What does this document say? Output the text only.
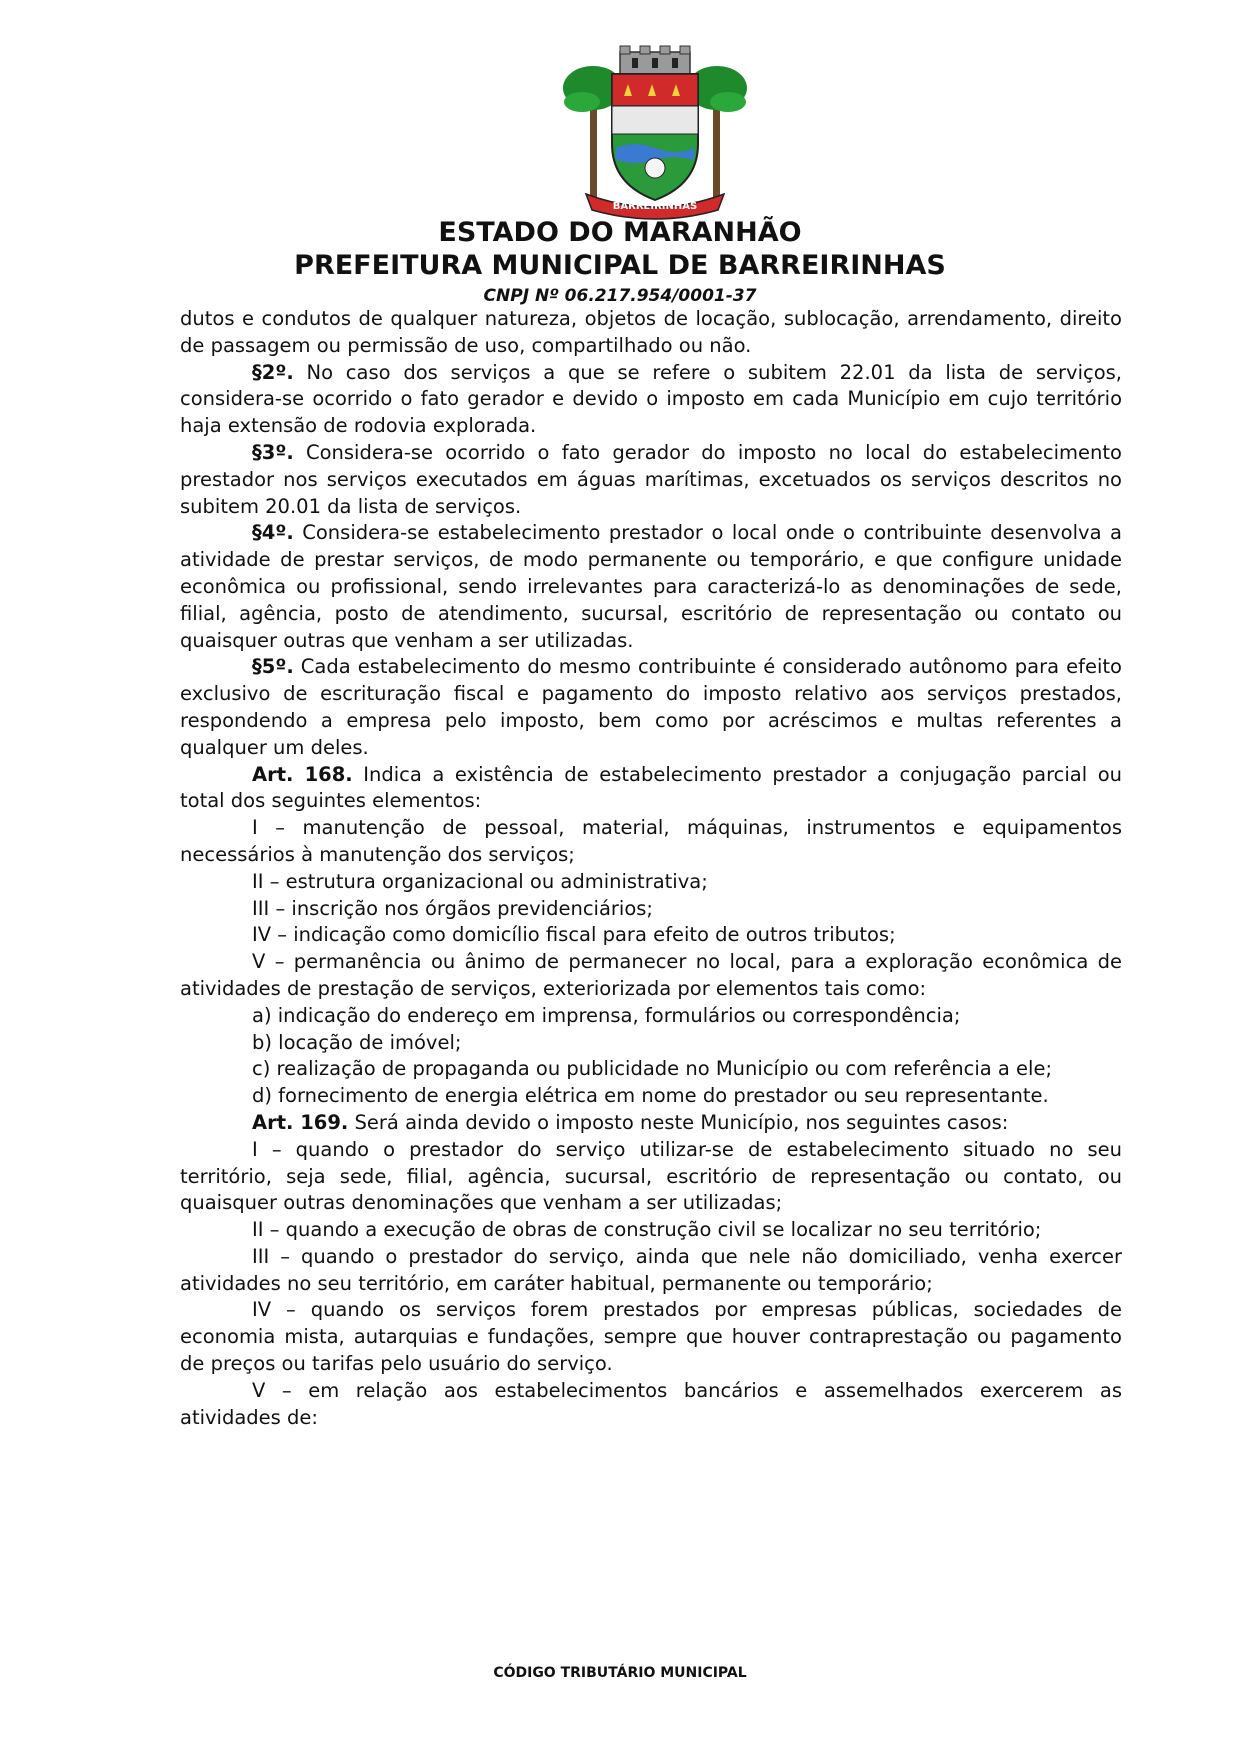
BARREIRINHAS
ESTADO DO MARANHÃO
PREFEITURA MUNICIPAL DE BARREIRINHAS
CNPJ Nº 06.217.954/0001-37

dutos e condutos de qualquer natureza, objetos de locação, sublocação, arrendamento, direito de passagem ou permissão de uso, compartilhado ou não.

§2º. No caso dos serviços a que se refere o subitem 22.01 da lista de serviços, considera-se ocorrido o fato gerador e devido o imposto em cada Município em cujo território haja extensão de rodovia explorada.

§3º. Considera-se ocorrido o fato gerador do imposto no local do estabelecimento prestador nos serviços executados em águas marítimas, excetuados os serviços descritos no subitem 20.01 da lista de serviços.

§4º. Considera-se estabelecimento prestador o local onde o contribuinte desenvolva a atividade de prestar serviços, de modo permanente ou temporário, e que configure unidade econômica ou profissional, sendo irrelevantes para caracterizá-lo as denominações de sede, filial, agência, posto de atendimento, sucursal, escritório de representação ou contato ou quaisquer outras que venham a ser utilizadas.

§5º. Cada estabelecimento do mesmo contribuinte é considerado autônomo para efeito exclusivo de escrituração fiscal e pagamento do imposto relativo aos serviços prestados, respondendo a empresa pelo imposto, bem como por acréscimos e multas referentes a qualquer um deles.

Art. 168. Indica a existência de estabelecimento prestador a conjugação parcial ou total dos seguintes elementos:

I – manutenção de pessoal, material, máquinas, instrumentos e equipamentos necessários à manutenção dos serviços;

II – estrutura organizacional ou administrativa;

III – inscrição nos órgãos previdenciários;

IV – indicação como domicílio fiscal para efeito de outros tributos;

V – permanência ou ânimo de permanecer no local, para a exploração econômica de atividades de prestação de serviços, exteriorizada por elementos tais como:

a) indicação do endereço em imprensa, formulários ou correspondência;

b) locação de imóvel;

c) realização de propaganda ou publicidade no Município ou com referência a ele;

d) fornecimento de energia elétrica em nome do prestador ou seu representante.

Art. 169. Será ainda devido o imposto neste Município, nos seguintes casos:

I – quando o prestador do serviço utilizar-se de estabelecimento situado no seu território, seja sede, filial, agência, sucursal, escritório de representação ou contato, ou quaisquer outras denominações que venham a ser utilizadas;

II – quando a execução de obras de construção civil se localizar no seu território;

III – quando o prestador do serviço, ainda que nele não domiciliado, venha exercer atividades no seu território, em caráter habitual, permanente ou temporário;

IV – quando os serviços forem prestados por empresas públicas, sociedades de economia mista, autarquias e fundações, sempre que houver contraprestação ou pagamento de preços ou tarifas pelo usuário do serviço.

V – em relação aos estabelecimentos bancários e assemelhados exercerem as atividades de:

CÓDIGO TRIBUTÁRIO MUNICIPAL
